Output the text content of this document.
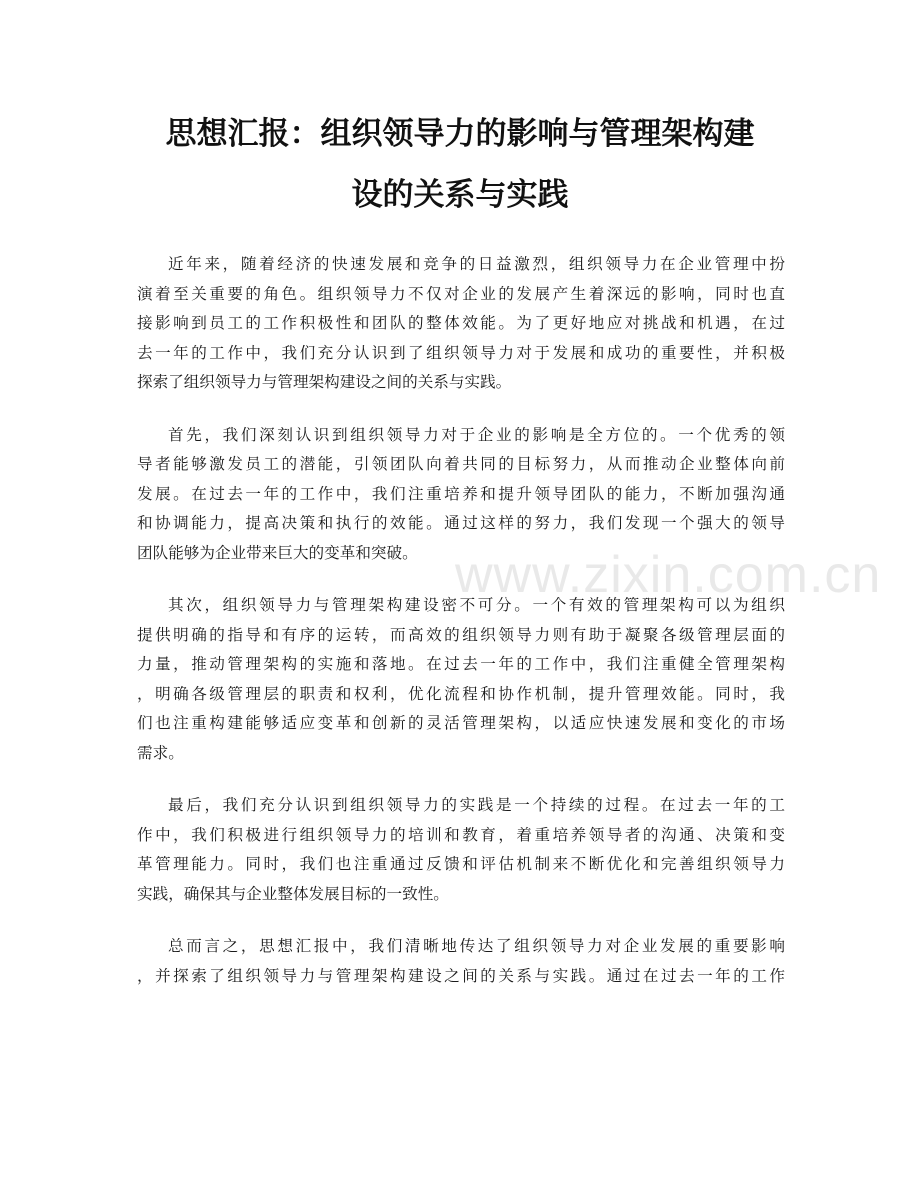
思想汇报：组织领导力的影响与管理架构建
设的关系与实践

近年来，随着经济的快速发展和竞争的日益激烈，组织领导力在企业管理中扮
演着至关重要的角色。组织领导力不仅对企业的发展产生着深远的影响，同时也直
接影响到员工的工作积极性和团队的整体效能。为了更好地应对挑战和机遇，在过
去一年的工作中，我们充分认识到了组织领导力对于发展和成功的重要性，并积极
探索了组织领导力与管理架构建设之间的关系与实践。

首先，我们深刻认识到组织领导力对于企业的影响是全方位的。一个优秀的领
导者能够激发员工的潜能，引领团队向着共同的目标努力，从而推动企业整体向前
发展。在过去一年的工作中，我们注重培养和提升领导团队的能力，不断加强沟通
和协调能力，提高决策和执行的效能。通过这样的努力，我们发现一个强大的领导
团队能够为企业带来巨大的变革和突破。

其次，组织领导力与管理架构建设密不可分。一个有效的管理架构可以为组织
提供明确的指导和有序的运转，而高效的组织领导力则有助于凝聚各级管理层面的
力量，推动管理架构的实施和落地。在过去一年的工作中，我们注重健全管理架构
，明确各级管理层的职责和权利，优化流程和协作机制，提升管理效能。同时，我
们也注重构建能够适应变革和创新的灵活管理架构，以适应快速发展和变化的市场
需求。

最后，我们充分认识到组织领导力的实践是一个持续的过程。在过去一年的工
作中，我们积极进行组织领导力的培训和教育，着重培养领导者的沟通、决策和变
革管理能力。同时，我们也注重通过反馈和评估机制来不断优化和完善组织领导力
实践，确保其与企业整体发展目标的一致性。

总而言之，思想汇报中，我们清晰地传达了组织领导力对企业发展的重要影响
，并探索了组织领导力与管理架构建设之间的关系与实践。通过在过去一年的工作

www.zixin.com.cn
